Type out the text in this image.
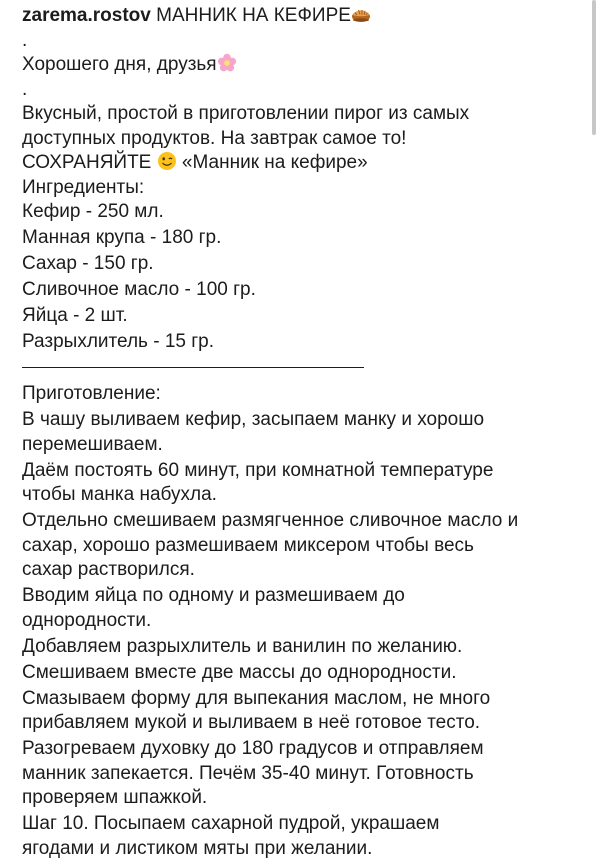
zarema.rostov МАННИК НА КЕФИРЕ
.
Хорошего дня, друзья
.
Вкусный, простой в приготовлении пирог из самых
доступных продуктов. На завтрак самое то!
СОХРАНЯЙТЕ «Манник на кефире»
Ингредиенты:
Кефир - 250 мл.
Манная крупа - 180 гр.
Сахар - 150 гр.
Сливочное масло - 100 гр.
Яйца - 2 шт.
Разрыхлитель - 15 гр.
Приготовление:
В чашу выливаем кефир, засыпаем манку и хорошо
перемешиваем.
Даём постоять 60 минут, при комнатной температуре
чтобы манка набухла.
Отдельно смешиваем размягченное сливочное масло и
сахар, хорошо размешиваем миксером чтобы весь
сахар растворился.
Вводим яйца по одному и размешиваем до
однородности.
Добавляем разрыхлитель и ванилин по желанию.
Смешиваем вместе две массы до однородности.
Смазываем форму для выпекания маслом, не много
прибавляем мукой и выливаем в неё готовое тесто.
Разогреваем духовку до 180 градусов и отправляем
манник запекается. Печём 35-40 минут. Готовность
проверяем шпажкой.
Шаг 10. Посыпаем сахарной пудрой, украшаем
ягодами и листиком мяты при желании.
